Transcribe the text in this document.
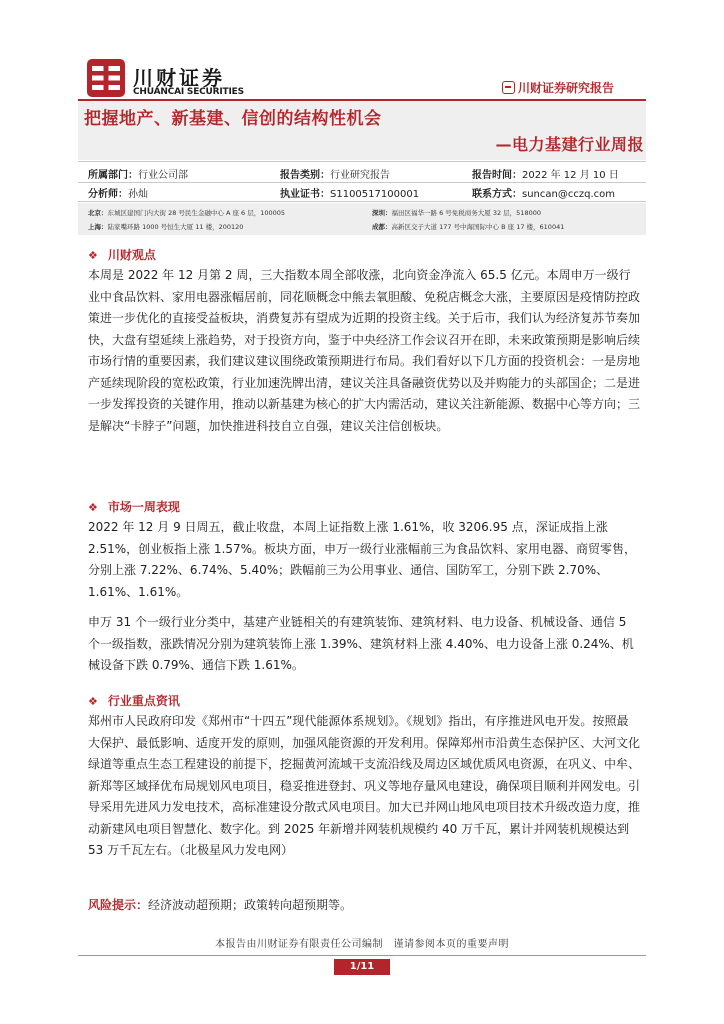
川财证券
CHUANCAI SECURITIES	川财证券研究报告
把握地产、新基建、信创的结构性机会
—电力基建行业周报
所属部门：行业公司部	报告类别：行业研究报告	报告时间：2022 年 12 月 10 日
分析师：孙灿	执业证书：S1100517100001	联系方式：suncan@cczq.com
北京：东城区建国门内大街 28 号民生金融中心 A 座 6 层，100005	深圳：福田区福华一路 6 号免税商务大厦 32 层，518000
上海：陆家嘴环路 1000 号恒生大厦 11 楼，200120	成都：高新区交子大道 177 号中海国际中心 B 座 17 楼，610041
❖ 川财观点

本周是 2022 年 12 月第 2 周，三大指数本周全部收涨，北向资金净流入 65.5 亿元。本周申万一级行业中食品饮料、家用电器涨幅居前，同花顺概念中熊去氧胆酸、免税店概念大涨，主要原因是疫情防控政策进一步优化的直接受益板块，消费复苏有望成为近期的投资主线。关于后市，我们认为经济复苏节奏加快，大盘有望延续上涨趋势，对于投资方向，鉴于中央经济工作会议召开在即，未来政策预期是影响后续市场行情的重要因素，我们建议建议围绕政策预期进行布局。我们看好以下几方面的投资机会：一是房地产延续现阶段的宽松政策，行业加速洗牌出清，建议关注具备融资优势以及并购能力的头部国企；二是进一步发挥投资的关键作用，推动以新基建为核心的扩大内需活动，建议关注新能源、数据中心等方向；三是解决“卡脖子”问题，加快推进科技自立自强，建议关注信创板块。

❖ 市场一周表现

2022 年 12 月 9 日周五，截止收盘，本周上证指数上涨 1.61%，收 3206.95 点，深证成指上涨 2.51%，创业板指上涨 1.57%。板块方面，申万一级行业涨幅前三为食品饮料、家用电器、商贸零售，分别上涨 7.22%、6.74%、5.40%；跌幅前三为公用事业、通信、国防军工，分别下跌 2.70%、1.61%、1.61%。

申万 31 个一级行业分类中，基建产业链相关的有建筑装饰、建筑材料、电力设备、机械设备、通信 5 个一级指数，涨跌情况分别为建筑装饰上涨 1.39%、建筑材料上涨 4.40%、电力设备上涨 0.24%、机械设备下跌 0.79%、通信下跌 1.61%。

❖ 行业重点资讯

郑州市人民政府印发《郑州市“十四五”现代能源体系规划》。《规划》指出，有序推进风电开发。按照最大保护、最低影响、适度开发的原则，加强风能资源的开发利用。保障郑州市沿黄生态保护区、大河文化绿道等重点生态工程建设的前提下，挖掘黄河流域干支流沿线及周边区域优质风电资源，在巩义、中牟、新郑等区域择优布局规划风电项目，稳妥推进登封、巩义等地存量风电建设，确保项目顺利并网发电。引导采用先进风力发电技术，高标准建设分散式风电项目。加大已并网山地风电项目技术升级改造力度，推动新建风电项目智慧化、数字化。到 2025 年新增并网装机规模约 40 万千瓦，累计并网装机规模达到 53 万千瓦左右。（北极星风力发电网）

风险提示：经济波动超预期；政策转向超预期等。
本报告由川财证券有限责任公司编制　谨请参阅本页的重要声明
1/11
